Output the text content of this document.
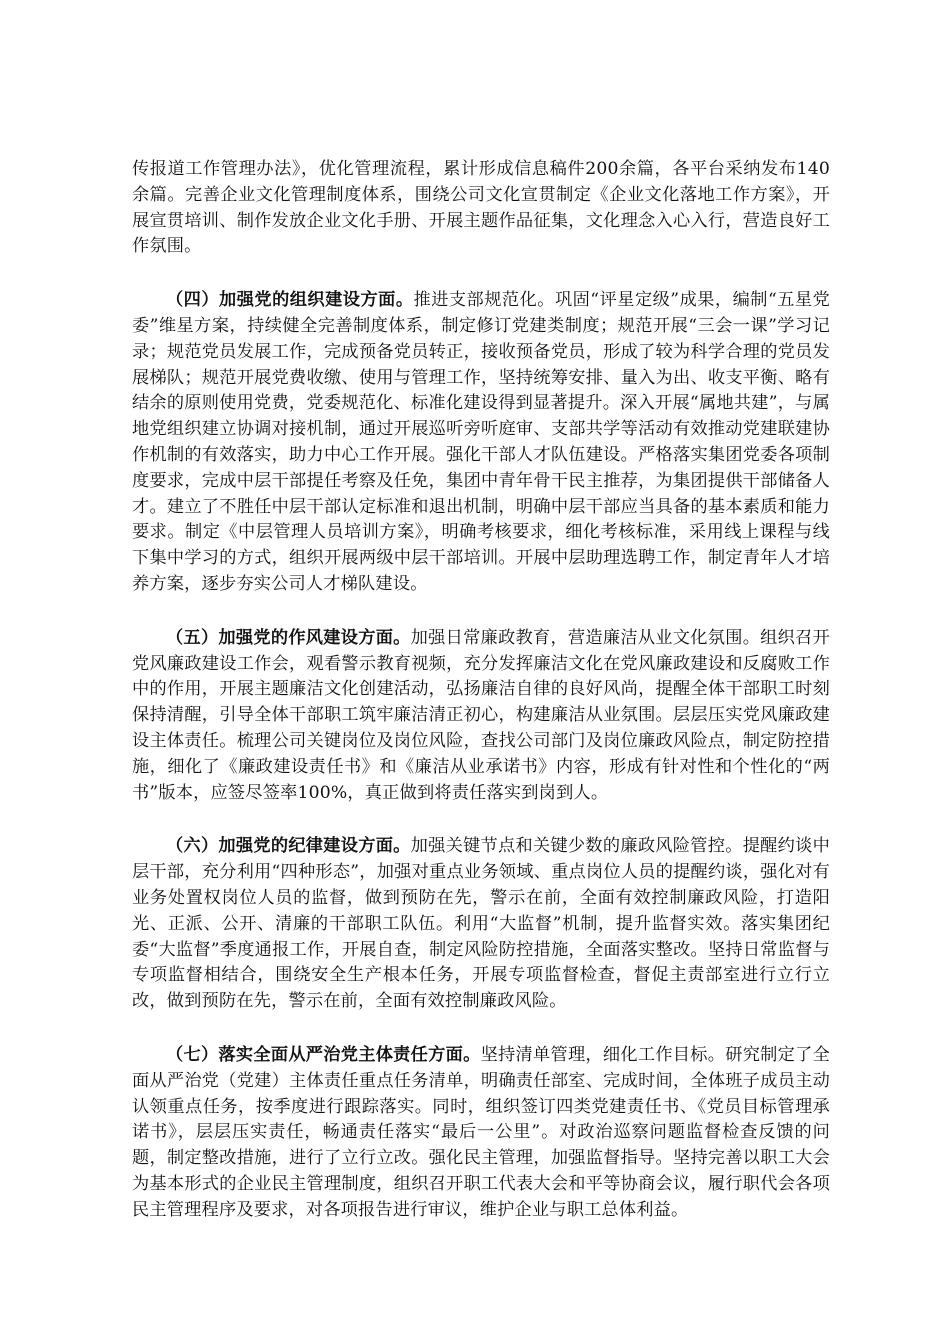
传报道工作管理办法》，优化管理流程，累计形成信息稿件200余篇，各平台采纳发布140余篇。完善企业文化管理制度体系，围绕公司文化宣贯制定《企业文化落地工作方案》，开展宣贯培训、制作发放企业文化手册、开展主题作品征集，文化理念入心入行，营造良好工作氛围。

（四）加强党的组织建设方面。推进支部规范化。巩固“评星定级”成果，编制“五星党委”维星方案，持续健全完善制度体系，制定修订党建类制度；规范开展“三会一课”学习记录；规范党员发展工作，完成预备党员转正，接收预备党员，形成了较为科学合理的党员发展梯队；规范开展党费收缴、使用与管理工作，坚持统筹安排、量入为出、收支平衡、略有结余的原则使用党费，党委规范化、标准化建设得到显著提升。深入开展“属地共建”，与属地党组织建立协调对接机制，通过开展巡听旁听庭审、支部共学等活动有效推动党建联建协作机制的有效落实，助力中心工作开展。强化干部人才队伍建设。严格落实集团党委各项制度要求，完成中层干部提任考察及任免，集团中青年骨干民主推荐，为集团提供干部储备人才。建立了不胜任中层干部认定标准和退出机制，明确中层干部应当具备的基本素质和能力要求。制定《中层管理人员培训方案》，明确考核要求，细化考核标准，采用线上课程与线下集中学习的方式，组织开展两级中层干部培训。开展中层助理选聘工作，制定青年人才培养方案，逐步夯实公司人才梯队建设。

（五）加强党的作风建设方面。加强日常廉政教育，营造廉洁从业文化氛围。组织召开党风廉政建设工作会，观看警示教育视频，充分发挥廉洁文化在党风廉政建设和反腐败工作中的作用，开展主题廉洁文化创建活动，弘扬廉洁自律的良好风尚，提醒全体干部职工时刻保持清醒，引导全体干部职工筑牢廉洁清正初心，构建廉洁从业氛围。层层压实党风廉政建设主体责任。梳理公司关键岗位及岗位风险，查找公司部门及岗位廉政风险点，制定防控措施，细化了《廉政建设责任书》和《廉洁从业承诺书》内容，形成有针对性和个性化的“两书”版本，应签尽签率100%，真正做到将责任落实到岗到人。

（六）加强党的纪律建设方面。加强关键节点和关键少数的廉政风险管控。提醒约谈中层干部，充分利用“四种形态”，加强对重点业务领域、重点岗位人员的提醒约谈，强化对有业务处置权岗位人员的监督，做到预防在先，警示在前，全面有效控制廉政风险，打造阳光、正派、公开、清廉的干部职工队伍。利用“大监督”机制，提升监督实效。落实集团纪委“大监督”季度通报工作，开展自查，制定风险防控措施，全面落实整改。坚持日常监督与专项监督相结合，围绕安全生产根本任务，开展专项监督检查，督促主责部室进行立行立改，做到预防在先，警示在前，全面有效控制廉政风险。

（七）落实全面从严治党主体责任方面。坚持清单管理，细化工作目标。研究制定了全面从严治党（党建）主体责任重点任务清单，明确责任部室、完成时间，全体班子成员主动认领重点任务，按季度进行跟踪落实。同时，组织签订四类党建责任书、《党员目标管理承诺书》，层层压实责任，畅通责任落实“最后一公里”。对政治巡察问题监督检查反馈的问题，制定整改措施，进行了立行立改。强化民主管理，加强监督指导。坚持完善以职工大会为基本形式的企业民主管理制度，组织召开职工代表大会和平等协商会议，履行职代会各项民主管理程序及要求，对各项报告进行审议，维护企业与职工总体利益。
